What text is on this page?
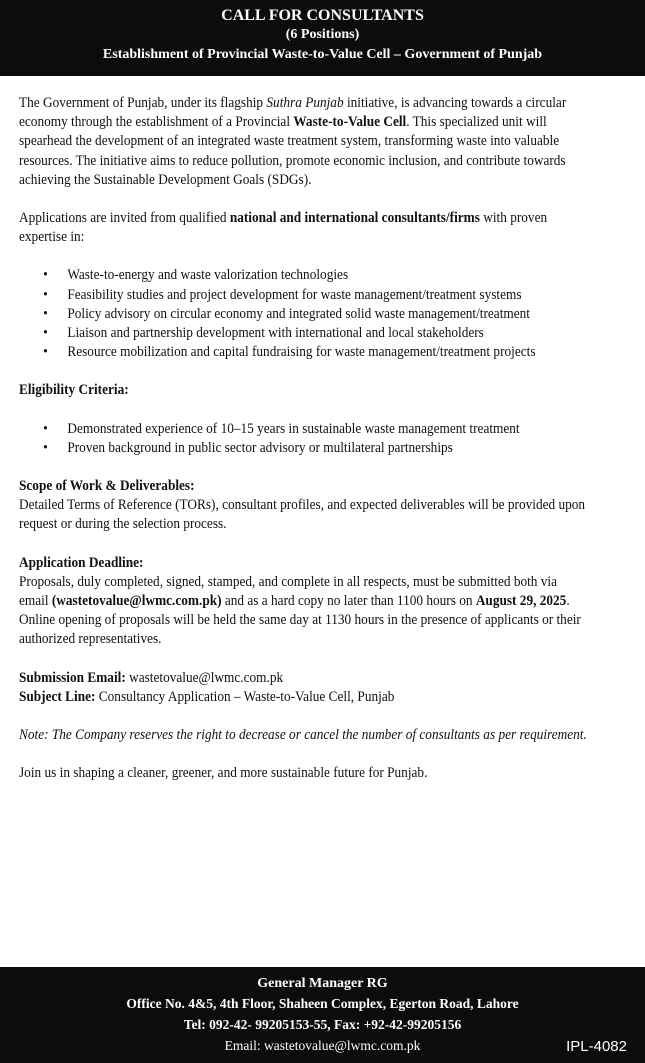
CALL FOR CONSULTANTS
(6 Positions)
Establishment of Provincial Waste-to-Value Cell – Government of Punjab

The Government of Punjab, under its flagship Suthra Punjab initiative, is advancing towards a circular economy through the establishment of a Provincial Waste-to-Value Cell. This specialized unit will spearhead the development of an integrated waste treatment system, transforming waste into valuable resources. The initiative aims to reduce pollution, promote economic inclusion, and contribute towards achieving the Sustainable Development Goals (SDGs).

Applications are invited from qualified national and international consultants/firms with proven expertise in:

• Waste-to-energy and waste valorization technologies
• Feasibility studies and project development for waste management/treatment systems
• Policy advisory on circular economy and integrated solid waste management/treatment
• Liaison and partnership development with international and local stakeholders
• Resource mobilization and capital fundraising for waste management/treatment projects

Eligibility Criteria:

• Demonstrated experience of 10–15 years in sustainable waste management treatment
• Proven background in public sector advisory or multilateral partnerships

Scope of Work & Deliverables:

Detailed Terms of Reference (TORs), consultant profiles, and expected deliverables will be provided upon request or during the selection process.

Application Deadline:

Proposals, duly completed, signed, stamped, and complete in all respects, must be submitted both via email (wastetovalue@lwmc.com.pk) and as a hard copy no later than 1100 hours on August 29, 2025. Online opening of proposals will be held the same day at 1130 hours in the presence of applicants or their authorized representatives.

Submission Email: wastetovalue@lwmc.com.pk

Subject Line: Consultancy Application – Waste-to-Value Cell, Punjab

Note: The Company reserves the right to decrease or cancel the number of consultants as per requirement.

Join us in shaping a cleaner, greener, and more sustainable future for Punjab.

General Manager RG
Office No. 4&5, 4th Floor, Shaheen Complex, Egerton Road, Lahore
Tel: 092-42- 99205153-55, Fax: +92-42-99205156
Email: wastetovalue@lwmc.com.pk	IPL-4082
